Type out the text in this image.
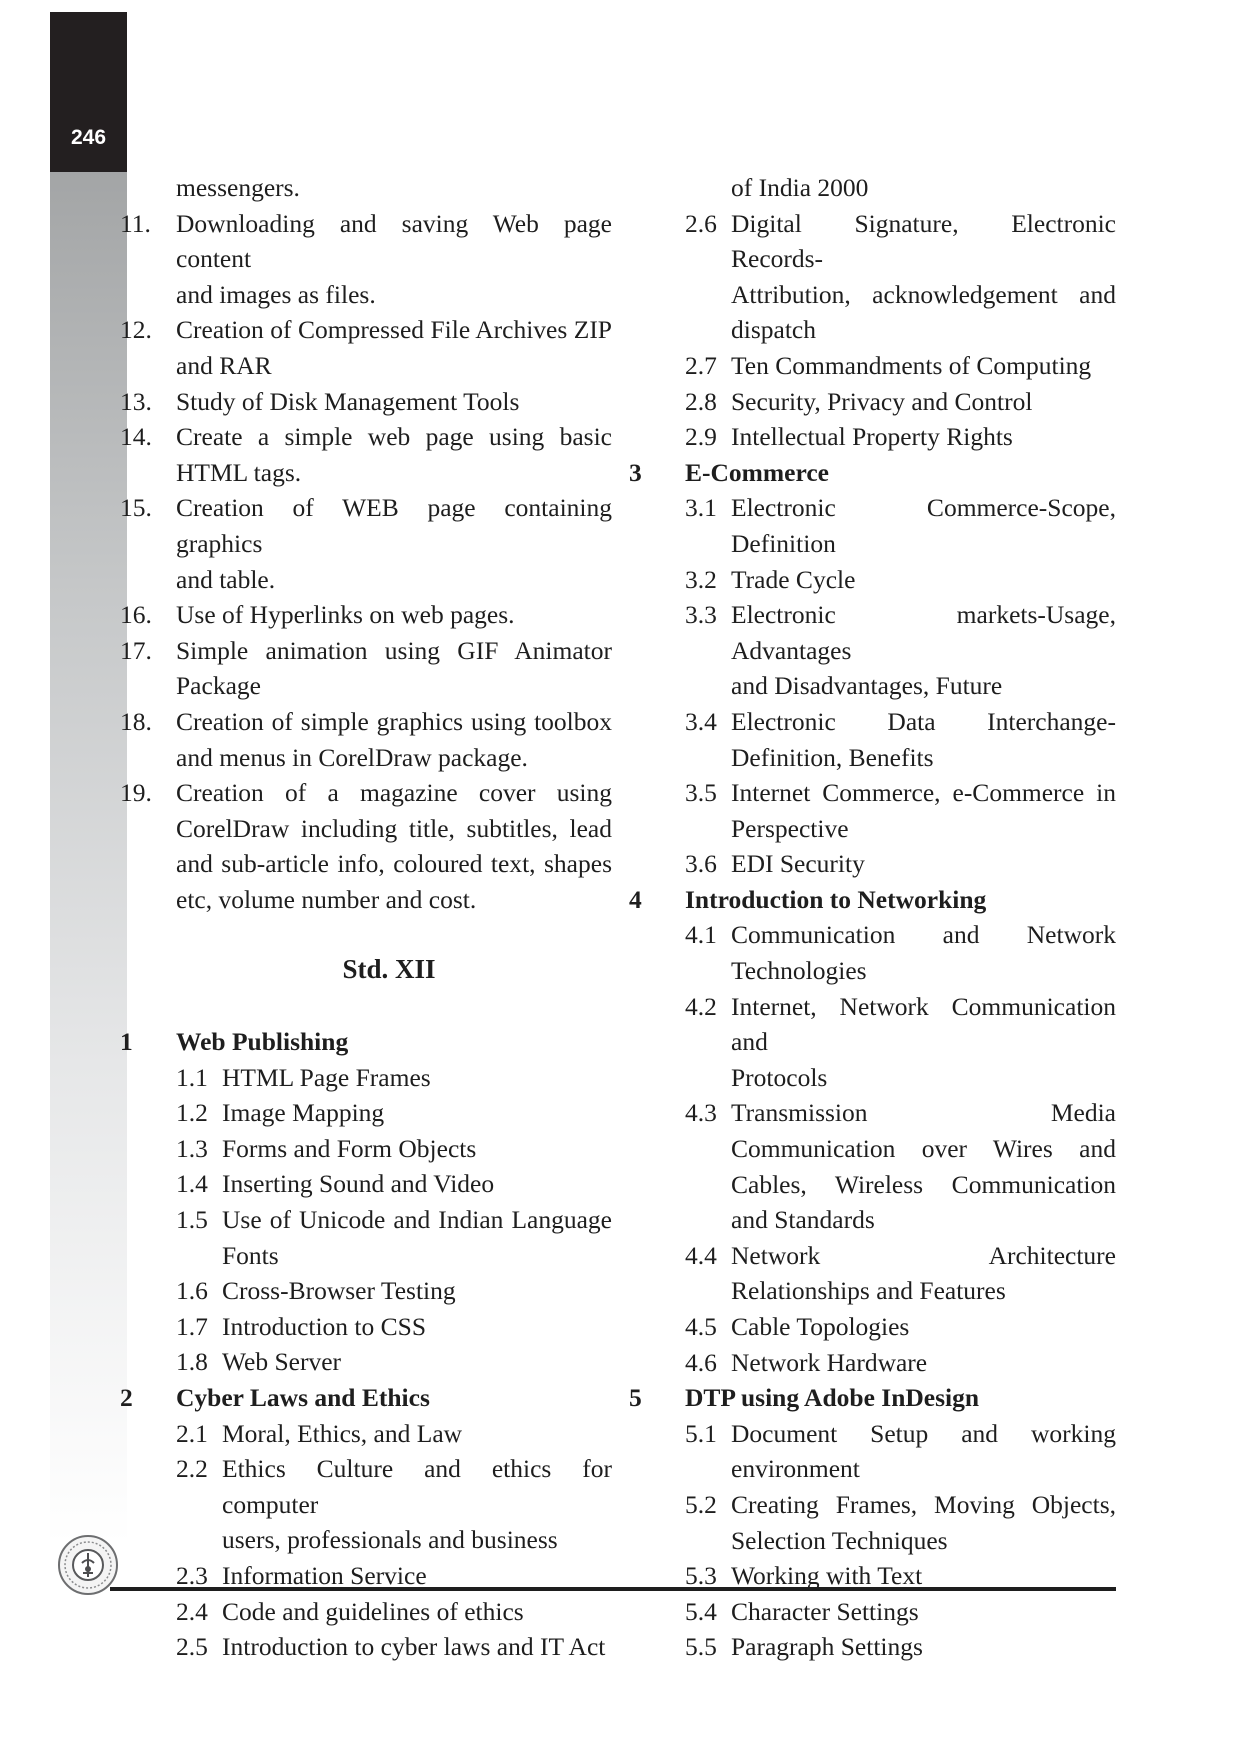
246
messengers.
11. Downloading and saving Web page content
and images as files.
12. Creation of Compressed File Archives ZIP
and RAR
13. Study of Disk Management Tools
14. Create a simple web page using basic
HTML tags.
15. Creation of WEB page containing graphics
and table.
16. Use of Hyperlinks on web pages.
17. Simple animation using GIF Animator
Package
18. Creation of simple graphics using toolbox
and menus in CorelDraw package.
19. Creation of a magazine cover using
CorelDraw including title, subtitles, lead
and sub-article info, coloured text, shapes
etc, volume number and cost.
Std. XII
1	Web Publishing
1.1 HTML Page Frames
1.2 Image Mapping
1.3 Forms and Form Objects
1.4 Inserting Sound and Video
1.5 Use of Unicode and Indian Language
Fonts
1.6 Cross-Browser Testing
1.7 Introduction to CSS
1.8 Web Server
2	Cyber Laws and Ethics
2.1 Moral, Ethics, and Law
2.2 Ethics Culture and ethics for computer
users, professionals and business
2.3 Information Service
2.4 Code and guidelines of ethics
2.5 Introduction to cyber laws and IT Act
of India 2000
2.6 Digital Signature, Electronic Records-
Attribution, acknowledgement and
dispatch
2.7 Ten Commandments of Computing
2.8 Security, Privacy and Control
2.9 Intellectual Property Rights
3	E-Commerce
3.1 Electronic Commerce-Scope,
Definition
3.2 Trade Cycle
3.3 Electronic markets-Usage, Advantages
and Disadvantages, Future
3.4 Electronic Data Interchange-
Definition, Benefits
3.5 Internet Commerce, e-Commerce in
Perspective
3.6 EDI Security
4	Introduction to Networking
4.1 Communication and Network
Technologies
4.2 Internet, Network Communication and
Protocols
4.3 Transmission Media
Communication over Wires and
Cables, Wireless Communication
and Standards
4.4 Network Architecture
Relationships and Features
4.5 Cable Topologies
4.6 Network Hardware
5	DTP using Adobe InDesign
5.1 Document Setup and working
environment
5.2 Creating Frames, Moving Objects,
Selection Techniques
5.3 Working with Text
5.4 Character Settings
5.5 Paragraph Settings
